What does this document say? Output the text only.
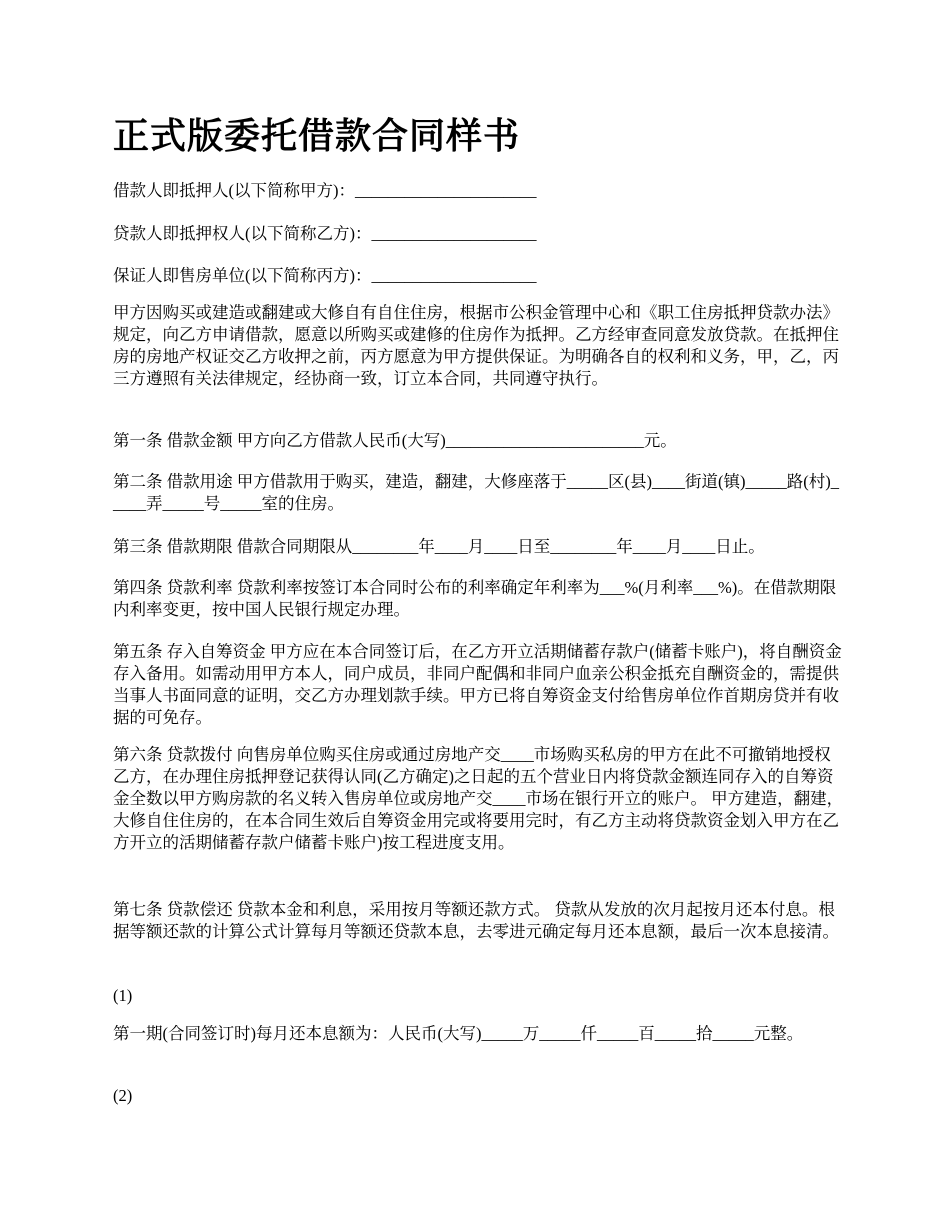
正式版委托借款合同样书

借款人即抵押人(以下简称甲方)：______________________

贷款人即抵押权人(以下简称乙方)：____________________

保证人即售房单位(以下简称丙方)：____________________

甲方因购买或建造或翻建或大修自有自住住房，根据市公积金管理中心和《职工住房抵押贷款办法》规定，向乙方申请借款，愿意以所购买或建修的住房作为抵押。乙方经审查同意发放贷款。在抵押住房的房地产权证交乙方收押之前，丙方愿意为甲方提供保证。为明确各自的权利和义务，甲，乙，丙三方遵照有关法律规定，经协商一致，订立本合同，共同遵守执行。

第一条 借款金额 甲方向乙方借款人民币(大写)________________________元。

第二条 借款用途 甲方借款用于购买，建造，翻建，大修座落于_____区(县)____街道(镇)_____路(村)_____弄_____号_____室的住房。

第三条 借款期限 借款合同期限从________年____月____日至________年____月____日止。

第四条 贷款利率 贷款利率按签订本合同时公布的利率确定年利率为___%(月利率___%)。在借款期限内利率变更，按中国人民银行规定办理。

第五条 存入自筹资金 甲方应在本合同签订后，在乙方开立活期储蓄存款户(储蓄卡账户)，将自酬资金存入备用。如需动用甲方本人，同户成员，非同户配偶和非同户血亲公积金抵充自酬资金的，需提供当事人书面同意的证明，交乙方办理划款手续。甲方已将自筹资金支付给售房单位作首期房贷并有收据的可免存。

第六条 贷款拨付 向售房单位购买住房或通过房地产交____市场购买私房的甲方在此不可撤销地授权乙方，在办理住房抵押登记获得认同(乙方确定)之日起的五个营业日内将贷款金额连同存入的自筹资金全数以甲方购房款的名义转入售房单位或房地产交____市场在银行开立的账户。 甲方建造，翻建，大修自住住房的，在本合同生效后自筹资金用完或将要用完时，有乙方主动将贷款资金划入甲方在乙方开立的活期储蓄存款户储蓄卡账户)按工程进度支用。

第七条 贷款偿还 贷款本金和利息，采用按月等额还款方式。 贷款从发放的次月起按月还本付息。根据等额还款的计算公式计算每月等额还贷款本息，去零进元确定每月还本息额，最后一次本息接清。

(1)

第一期(合同签订时)每月还本息额为：人民币(大写)_____万_____仟_____百_____拾_____元整。

(2)
